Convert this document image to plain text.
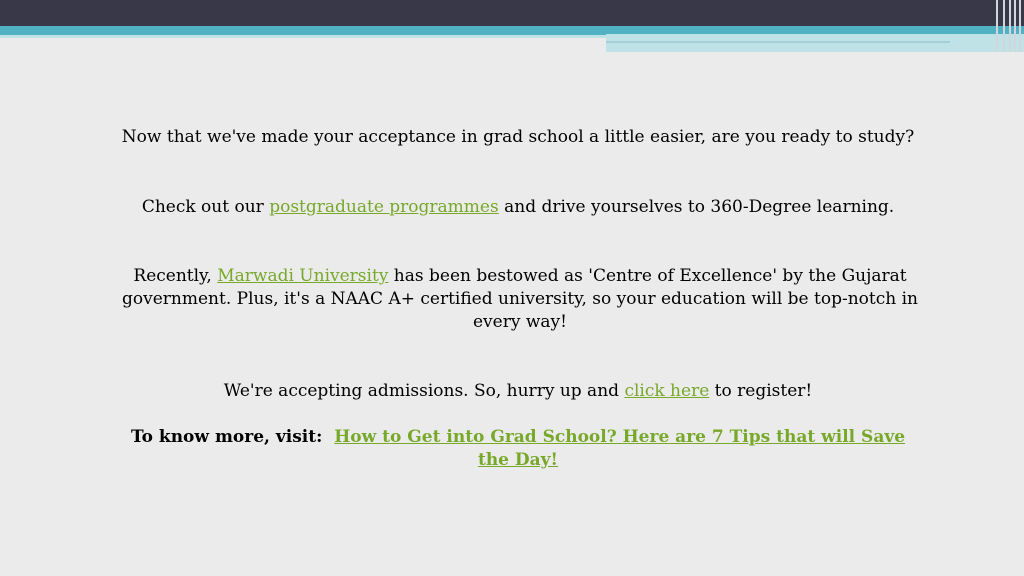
Now that we've made your acceptance in grad school a little easier, are you ready to study?

Check out our postgraduate programmes and drive yourselves to 360-Degree learning.

Recently, Marwadi University has been bestowed as 'Centre of Excellence' by the Gujarat government. Plus, it's a NAAC A+ certified university, so your education will be top-notch in every way!

We're accepting admissions. So, hurry up and click here to register!

To know more, visit:  How to Get into Grad School? Here are 7 Tips that will Save the Day!
